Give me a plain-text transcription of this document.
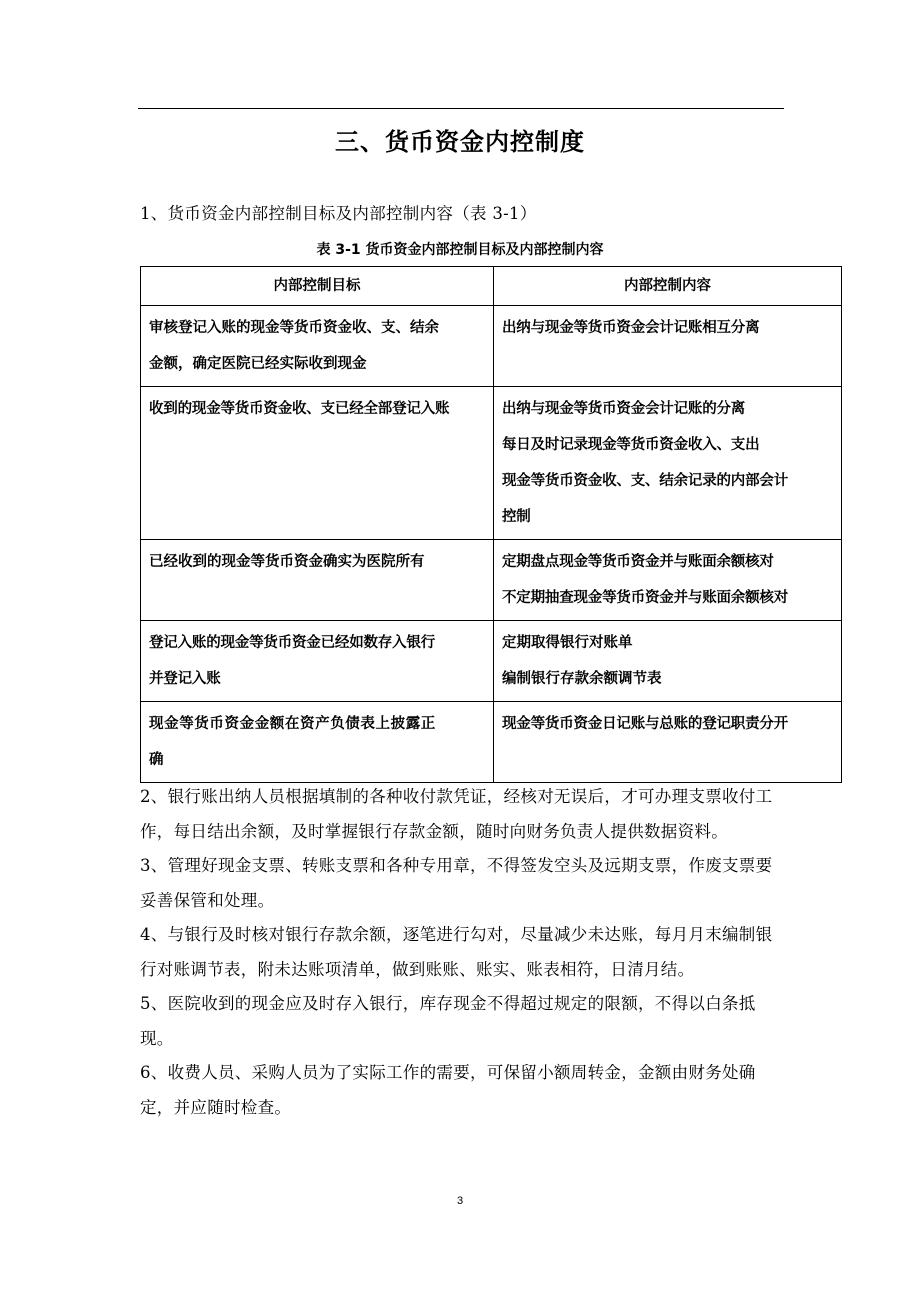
三、货币资金内控制度
1、货币资金内部控制目标及内部控制内容（表 3-1）
表 3-1 货币资金内部控制目标及内部控制内容
内部控制目标	内部控制内容

审核登记入账的现金等货币资金收、支、结余
金额，确定医院已经实际收到现金	出纳与现金等货币资金会计记账相互分离

收到的现金等货币资金收、支已经全部登记入账	出纳与现金等货币资金会计记账的分离
每日及时记录现金等货币资金收入、支出
现金等货币资金收、支、结余记录的内部会计
控制

已经收到的现金等货币资金确实为医院所有	定期盘点现金等货币资金并与账面余额核对
不定期抽查现金等货币资金并与账面余额核对

登记入账的现金等货币资金已经如数存入银行
并登记入账	定期取得银行对账单
编制银行存款余额调节表

现金等货币资金金额在资产负债表上披露正
确	现金等货币资金日记账与总账的登记职责分开

2、银行账出纳人员根据填制的各种收付款凭证，经核对无误后，才可办理支票收付工作，每日结出余额，及时掌握银行存款金额，随时向财务负责人提供数据资料。

3、管理好现金支票、转账支票和各种专用章，不得签发空头及远期支票，作废支票要妥善保管和处理。

4、与银行及时核对银行存款余额，逐笔进行勾对，尽量减少未达账，每月月末编制银行对账调节表，附未达账项清单，做到账账、账实、账表相符，日清月结。

5、医院收到的现金应及时存入银行，库存现金不得超过规定的限额，不得以白条抵现。

6、收费人员、采购人员为了实际工作的需要，可保留小额周转金，金额由财务处确定，并应随时检查。

3
